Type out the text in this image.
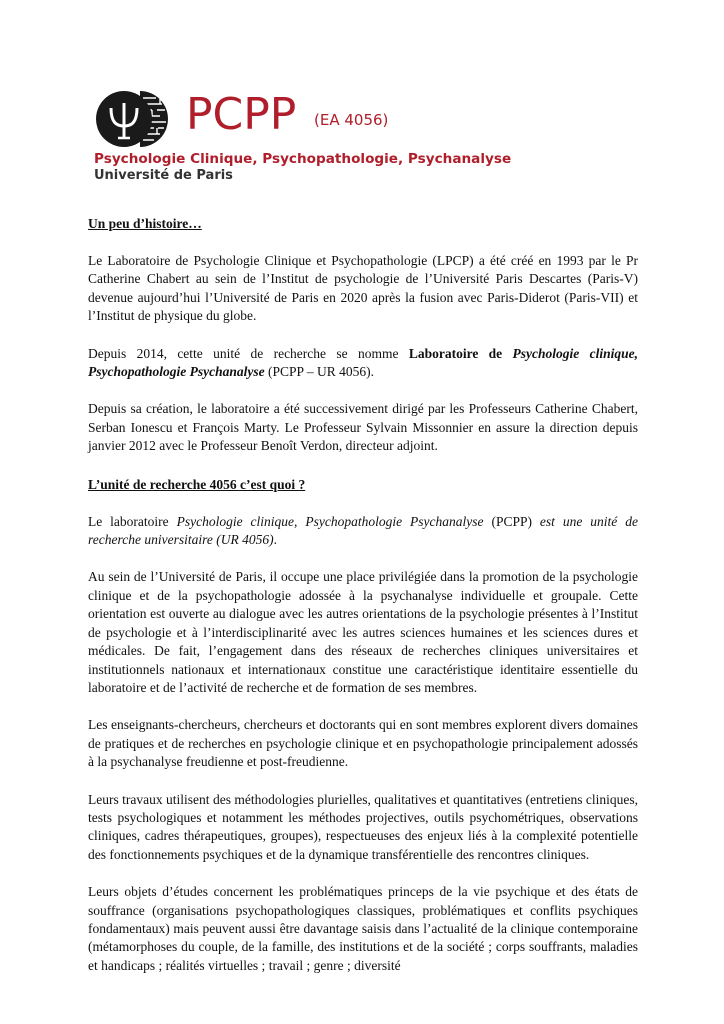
PCPP (EA 4056)
Psychologie Clinique, Psychopathologie, Psychanalyse
Université de Paris
Un peu d’histoire…
Le Laboratoire de Psychologie Clinique et Psychopathologie (LPCP) a été créé en 1993 par le Pr Catherine Chabert au sein de l’Institut de psychologie de l’Université Paris Descartes (Paris-V) devenue aujourd’hui l’Université de Paris en 2020 après la fusion avec Paris-Diderot (Paris-VII) et l’Institut de physique du globe.
Depuis 2014, cette unité de recherche se nomme Laboratoire de Psychologie clinique, Psychopathologie Psychanalyse (PCPP – UR 4056).
Depuis sa création, le laboratoire a été successivement dirigé par les Professeurs Catherine Chabert, Serban Ionescu et François Marty. Le Professeur Sylvain Missonnier en assure la direction depuis janvier 2012 avec le Professeur Benoît Verdon, directeur adjoint.
L’unité de recherche 4056 c’est quoi ?
Le laboratoire Psychologie clinique, Psychopathologie Psychanalyse (PCPP) est une unité de recherche universitaire (UR 4056).
Au sein de l’Université de Paris, il occupe une place privilégiée dans la promotion de la psychologie clinique et de la psychopathologie adossée à la psychanalyse individuelle et groupale. Cette orientation est ouverte au dialogue avec les autres orientations de la psychologie présentes à l’Institut de psychologie et à l’interdisciplinarité avec les autres sciences humaines et les sciences dures et médicales. De fait, l’engagement dans des réseaux de recherches cliniques universitaires et institutionnels nationaux et internationaux constitue une caractéristique identitaire essentielle du laboratoire et de l’activité de recherche et de formation de ses membres.
Les enseignants-chercheurs, chercheurs et doctorants qui en sont membres explorent divers domaines de pratiques et de recherches en psychologie clinique et en psychopathologie principalement adossés à la psychanalyse freudienne et post-freudienne.
Leurs travaux utilisent des méthodologies plurielles, qualitatives et quantitatives (entretiens cliniques, tests psychologiques et notamment les méthodes projectives, outils psychométriques, observations cliniques, cadres thérapeutiques, groupes), respectueuses des enjeux liés à la complexité potentielle des fonctionnements psychiques et de la dynamique transférentielle des rencontres cliniques.
Leurs objets d’études concernent les problématiques princeps de la vie psychique et des états de souffrance (organisations psychopathologiques classiques, problématiques et conflits psychiques fondamentaux) mais peuvent aussi être davantage saisis dans l’actualité de la clinique contemporaine (métamorphoses du couple, de la famille, des institutions et de la société ; corps souffrants, maladies et handicaps ; réalités virtuelles ; travail ; genre ; diversité
